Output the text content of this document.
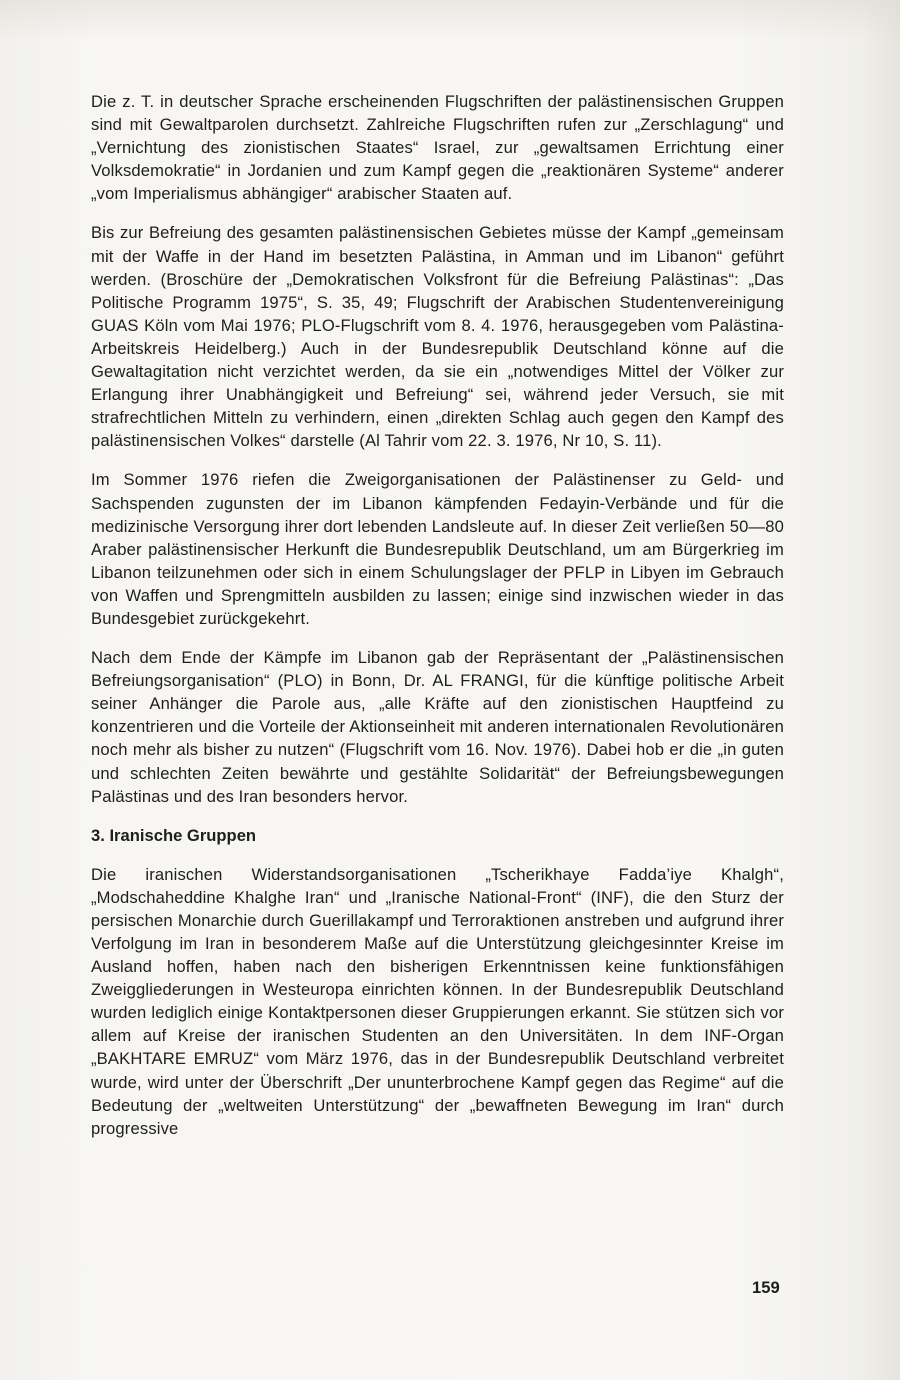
Die z. T. in deutscher Sprache erscheinenden Flugschriften der palästinensischen Gruppen sind mit Gewaltparolen durchsetzt. Zahlreiche Flugschriften rufen zur „Zerschlagung“ und „Vernichtung des zionistischen Staates“ Israel, zur „gewaltsamen Errichtung einer Volksdemokratie“ in Jordanien und zum Kampf gegen die „reaktionären Systeme“ anderer „vom Imperialismus abhängiger“ arabischer Staaten auf.

Bis zur Befreiung des gesamten palästinensischen Gebietes müsse der Kampf „gemeinsam mit der Waffe in der Hand im besetzten Palästina, in Amman und im Libanon“ geführt werden. (Broschüre der „Demokratischen Volksfront für die Befreiung Palästinas“: „Das Politische Programm 1975“, S. 35, 49; Flugschrift der Arabischen Studentenvereinigung GUAS Köln vom Mai 1976; PLO-Flugschrift vom 8. 4. 1976, herausgegeben vom Palästina-Arbeitskreis Heidelberg.) Auch in der Bundesrepublik Deutschland könne auf die Gewaltagitation nicht verzichtet werden, da sie ein „notwendiges Mittel der Völker zur Erlangung ihrer Unabhängigkeit und Befreiung“ sei, während jeder Versuch, sie mit strafrechtlichen Mitteln zu verhindern, einen „direkten Schlag auch gegen den Kampf des palästinensischen Volkes“ darstelle (Al Tahrir vom 22. 3. 1976, Nr 10, S. 11).

Im Sommer 1976 riefen die Zweigorganisationen der Palästinenser zu Geld- und Sachspenden zugunsten der im Libanon kämpfenden Fedayin-Verbände und für die medizinische Versorgung ihrer dort lebenden Landsleute auf. In dieser Zeit verließen 50—80 Araber palästinensischer Herkunft die Bundesrepublik Deutschland, um am Bürgerkrieg im Libanon teilzunehmen oder sich in einem Schulungslager der PFLP in Libyen im Gebrauch von Waffen und Sprengmitteln ausbilden zu lassen; einige sind inzwischen wieder in das Bundesgebiet zurückgekehrt.

Nach dem Ende der Kämpfe im Libanon gab der Repräsentant der „Palästinensischen Befreiungsorganisation“ (PLO) in Bonn, Dr. AL FRANGI, für die künftige politische Arbeit seiner Anhänger die Parole aus, „alle Kräfte auf den zionistischen Hauptfeind zu konzentrieren und die Vorteile der Aktionseinheit mit anderen internationalen Revolutionären noch mehr als bisher zu nutzen“ (Flugschrift vom 16. Nov. 1976). Dabei hob er die „in guten und schlechten Zeiten bewährte und gestählte Solidarität“ der Befreiungsbewegungen Palästinas und des Iran besonders hervor.

3. Iranische Gruppen

Die iranischen Widerstandsorganisationen „Tscherikhaye Fadda’iye Khalgh“, „Modschaheddine Khalghe Iran“ und „Iranische National-Front“ (INF), die den Sturz der persischen Monarchie durch Guerillakampf und Terroraktionen anstreben und aufgrund ihrer Verfolgung im Iran in besonderem Maße auf die Unterstützung gleichgesinnter Kreise im Ausland hoffen, haben nach den bisherigen Erkenntnissen keine funktionsfähigen Zweiggliederungen in Westeuropa einrichten können. In der Bundesrepublik Deutschland wurden lediglich einige Kontaktpersonen dieser Gruppierungen erkannt. Sie stützen sich vor allem auf Kreise der iranischen Studenten an den Universitäten. In dem INF-Organ „BAKHTARE EMRUZ“ vom März 1976, das in der Bundesrepublik Deutschland verbreitet wurde, wird unter der Überschrift „Der ununterbrochene Kampf gegen das Regime“ auf die Bedeutung der „weltweiten Unterstützung“ der „bewaffneten Bewegung im Iran“ durch progressive

159
